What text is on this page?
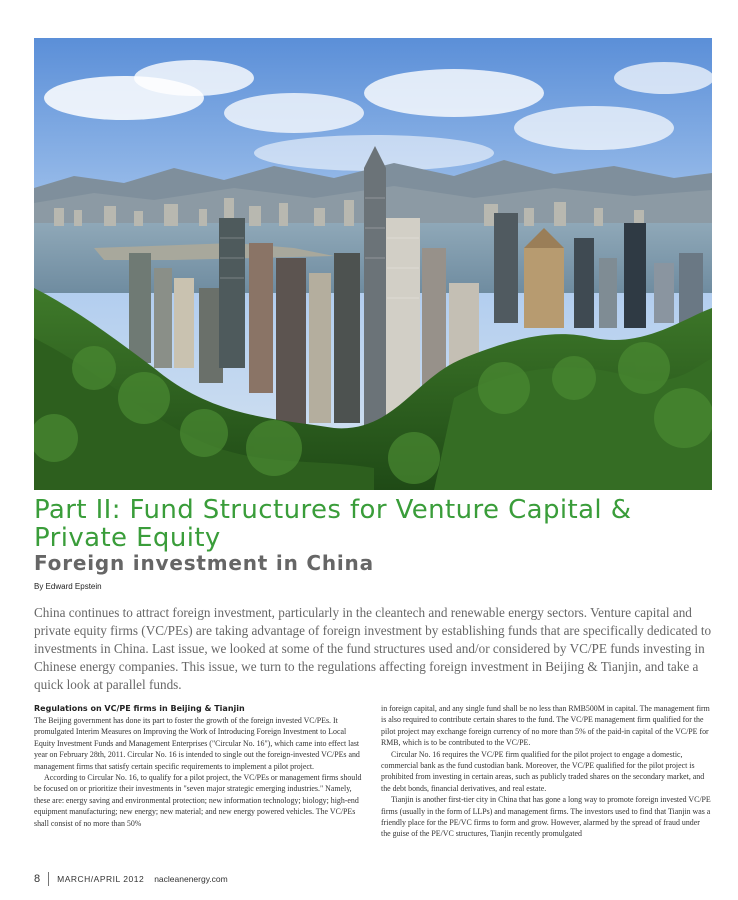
Part II: Fund Structures for Venture Capital & Private Equity
Foreign investment in China
By Edward Epstein

China continues to attract foreign investment, particularly in the cleantech and renewable energy sectors. Venture capital and private equity firms (VC/PEs) are taking advantage of foreign investment by establishing funds that are specifically dedicated to investments in China. Last issue, we looked at some of the fund structures used and/or considered by VC/PE funds investing in Chinese energy companies. This issue, we turn to the regulations affecting foreign investment in Beijing & Tianjin, and take a quick look at parallel funds.

Regulations on VC/PE firms in Beijing & Tianjin

The Beijing government has done its part to foster the growth of the foreign invested VC/PEs. It promulgated Interim Measures on Improving the Work of Introducing Foreign Investment to Local Equity Investment Funds and Management Enterprises ("Circular No. 16"), which came into effect last year on February 28th, 2011. Circular No. 16 is intended to single out the foreign-invested VC/PEs and management firms that satisfy certain specific requirements to implement a pilot project.

According to Circular No. 16, to qualify for a pilot project, the VC/PEs or management firms should be focused on or prioritize their investments in "seven major strategic emerging industries." Namely, these are: energy saving and environmental protection; new information technology; biology; high-end equipment manufacturing; new energy; new material; and new energy powered vehicles. The VC/PEs shall consist of no more than 50%

in foreign capital, and any single fund shall be no less than RMB500M in capital. The management firm is also required to contribute certain shares to the fund. The VC/PE management firm qualified for the pilot project may exchange foreign currency of no more than 5% of the paid-in capital of the VC/PE for RMB, which is to be contributed to the VC/PE.

Circular No. 16 requires the VC/PE firm qualified for the pilot project to engage a domestic, commercial bank as the fund custodian bank. Moreover, the VC/PE qualified for the pilot project is prohibited from investing in certain areas, such as publicly traded shares on the secondary market, and the debt bonds, financial derivatives, and real estate.

Tianjin is another first-tier city in China that has gone a long way to promote foreign invested VC/PE firms (usually in the form of LLPs) and management firms. The investors used to find that Tianjin was a friendly place for the PE/VC firms to form and grow. However, alarmed by the spread of fraud under the guise of the PE/VC structures, Tianjin recently promulgated

8 MARCH/APRIL 2012 nacleanenergy.com
